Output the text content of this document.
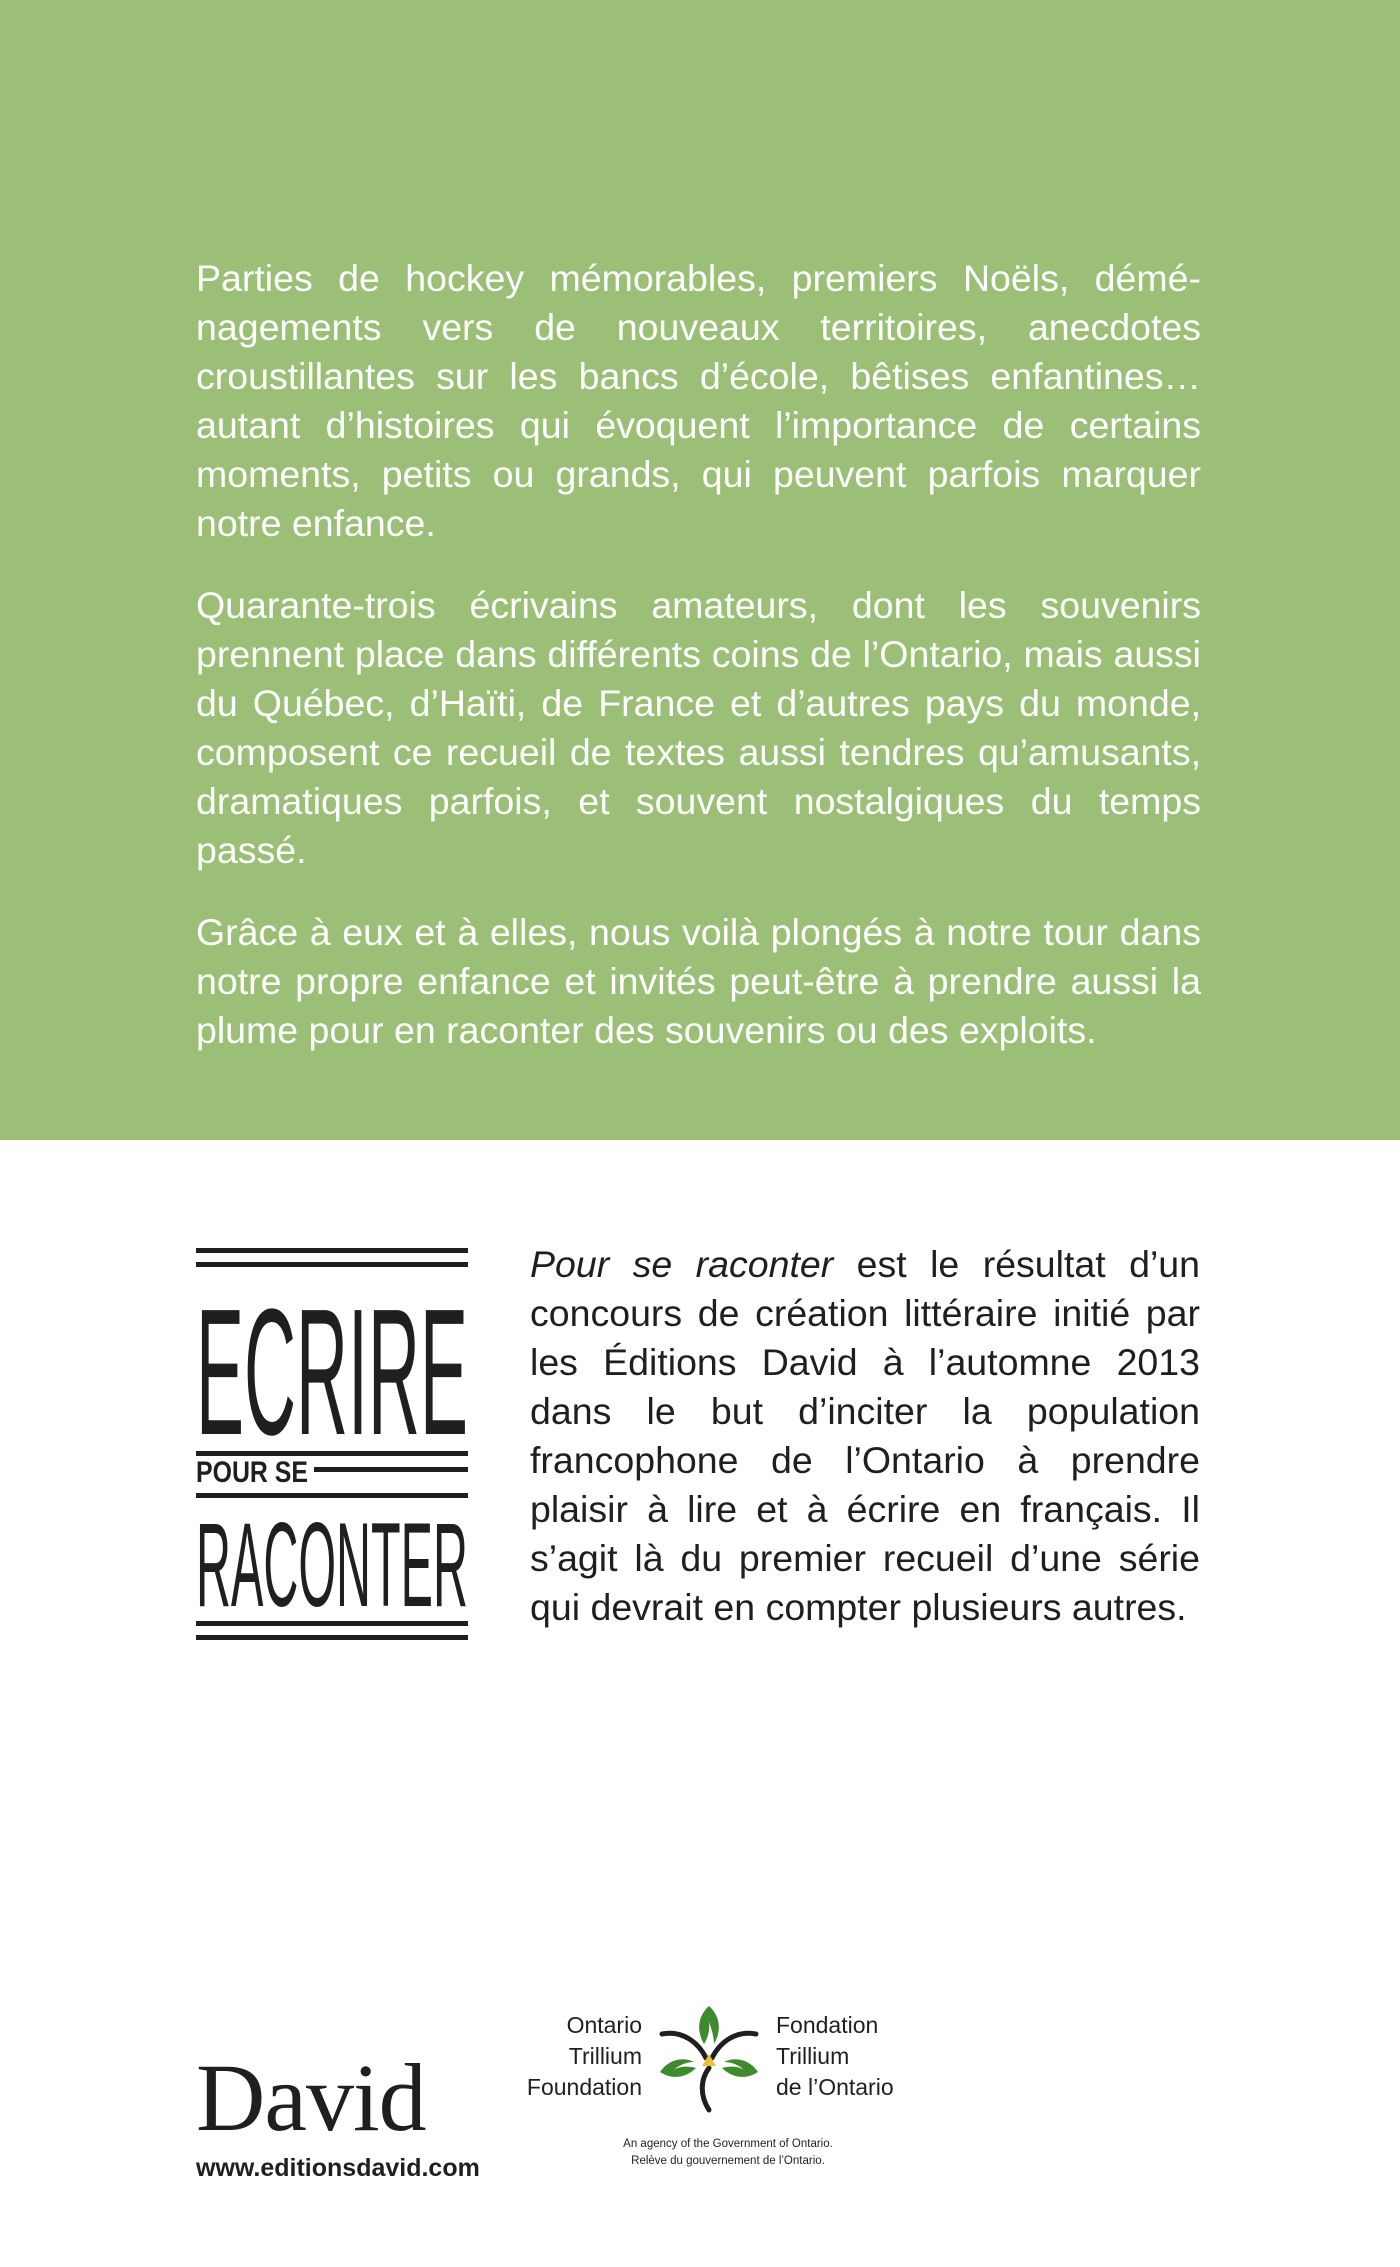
Parties de hockey mémorables, premiers Noëls, déménagements vers de nouveaux territoires, anecdotes croustillantes sur les bancs d’école, bêtises enfantines… autant d’histoires qui évoquent l’importance de certains moments, petits ou grands, qui peuvent parfois marquer notre enfance.

Quarante-trois écrivains amateurs, dont les souvenirs prennent place dans différents coins de l’Ontario, mais aussi du Québec, d’Haïti, de France et d’autres pays du monde, composent ce recueil de textes aussi tendres qu’amusants, dramatiques parfois, et souvent nostalgiques du temps passé.

Grâce à eux et à elles, nous voilà plongés à notre tour dans notre propre enfance et invités peut-être à prendre aussi la plume pour en raconter des souvenirs ou des exploits.

ECRIRE
POUR SE
RACONTER

Pour se raconter est le résultat d’un concours de création littéraire initié par les Éditions David à l’automne 2013 dans le but d’inciter la population francophone de l’Ontario à prendre plaisir à lire et à écrire en français. Il s’agit là du premier recueil d’une série qui devrait en compter plusieurs autres.

David
www.editionsdavid.com
Ontario
Trillium
Foundation
Fondation
Trillium
de l’Ontario
An agency of the Government of Ontario.
Relève du gouvernement de l’Ontario.
